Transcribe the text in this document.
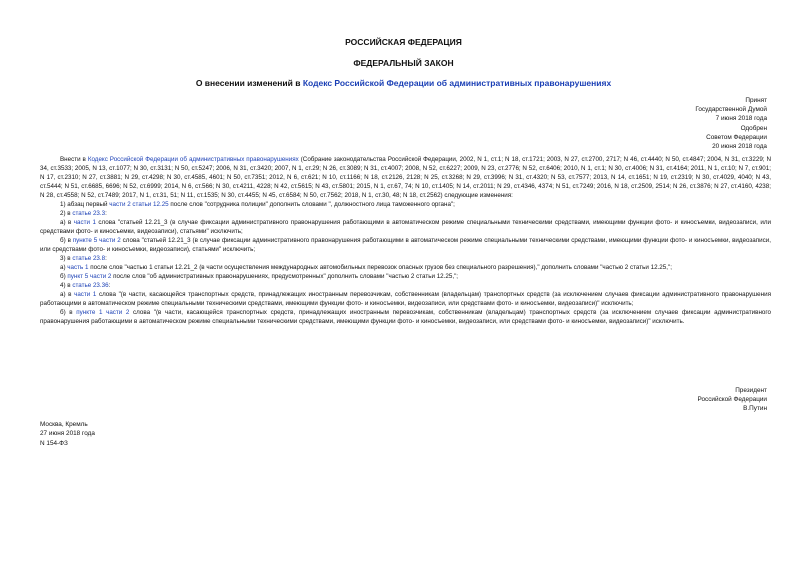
РОССИЙСКАЯ ФЕДЕРАЦИЯ
ФЕДЕРАЛЬНЫЙ ЗАКОН
О внесении изменений в Кодекс Российской Федерации об административных правонарушениях
Принят
Государственной Думой
7 июня 2018 года
Одобрен
Советом Федерации
20 июня 2018 года

Внести в Кодекс Российской Федерации об административных правонарушениях (Собрание законодательства Российской Федерации, 2002, N 1, ст.1; N 18, ст.1721; 2003, N 27, ст.2700, 2717; N 46, ст.4440; N 50, ст.4847; 2004, N 31, ст.3229; N 34, ст.3533; 2005, N 13, ст.1077; N 30, ст.3131; N 50, ст.5247; 2006, N 31, ст.3420; 2007, N 1, ст.29; N 26, ст.3089; N 31, ст.4007; 2008, N 52, ст.6227; 2009, N 23, ст.2776; N 52, ст.6406; 2010, N 1, ст.1; N 30, ст.4006; N 31, ст.4164; 2011, N 1, ст.10; N 7, ст.901; N 17, ст.2310; N 27, ст.3881; N 29, ст.4298; N 30, ст.4585, 4601; N 50, ст.7351; 2012, N 6, ст.621; N 10, ст.1166; N 18, ст.2126, 2128; N 25, ст.3268; N 29, ст.3996; N 31, ст.4320; N 53, ст.7577; 2013, N 14, ст.1651; N 19, ст.2319; N 30, ст.4029, 4040; N 43, ст.5444; N 51, ст.6685, 6696; N 52, ст.6999; 2014, N 6, ст.566; N 30, ст.4211, 4228; N 42, ст.5615; N 43, ст.5801; 2015, N 1, ст.67, 74; N 10, ст.1405; N 14, ст.2011; N 29, ст.4346, 4374; N 51, ст.7249; 2016, N 18, ст.2509, 2514; N 26, ст.3876; N 27, ст.4160, 4238; N 28, ст.4558; N 52, ст.7489; 2017, N 1, ст.31, 51; N 11, ст.1535; N 30, ст.4455; N 45, ст.6584; N 50, ст.7562; 2018, N 1, ст.30, 48; N 18, ст.2562) следующие изменения:

1) абзац первый части 2 статьи 12.25 после слов "сотрудника полиции" дополнить словами ", должностного лица таможенного органа";

2) в статье 23.3:

а) в части 1 слова "статьей 12.21_3 (в случае фиксации административного правонарушения работающими в автоматическом режиме специальными техническими средствами, имеющими функции фото- и киносъемки, видеозаписи, или средствами фото- и киносъемки, видеозаписи), статьями" исключить;

б) в пункте 5 части 2 слова "статьей 12.21_3 (в случае фиксации административного правонарушения работающими в автоматическом режиме специальными техническими средствами, имеющими функции фото- и киносъемки, видеозаписи, или средствами фото- и киносъемки, видеозаписи), статьями" исключить;

3) в статье 23.8:

а) часть 1 после слов "частью 1 статьи 12.21_2 (в части осуществления международных автомобильных перевозок опасных грузов без специального разрешения)," дополнить словами "частью 2 статьи 12.25,";

б) пункт 5 части 2 после слов "об административных правонарушениях, предусмотренных" дополнить словами "частью 2 статьи 12.25,";

4) в статье 23.36:

а) в части 1 слова "(в части, касающейся транспортных средств, принадлежащих иностранным перевозчикам, собственникам (владельцам) транспортных средств (за исключением случаев фиксации административного правонарушения работающими в автоматическом режиме специальными техническими средствами, имеющими функции фото- и киносъемки, видеозаписи, или средствами фото- и киносъемки, видеозаписи)" исключить;

б) в пункте 1 части 2 слова "(в части, касающейся транспортных средств, принадлежащих иностранным перевозчикам, собственникам (владельцам) транспортных средств (за исключением случаев фиксации административного правонарушения работающими в автоматическом режиме специальными техническими средствами, имеющими функции фото- и киносъемки, видеозаписи, или средствами фото- и киносъемки, видеозаписи)" исключить.

Президент
Российской Федерации
В.Путин
Москва, Кремль
27 июня 2018 года
N 154-ФЗ
